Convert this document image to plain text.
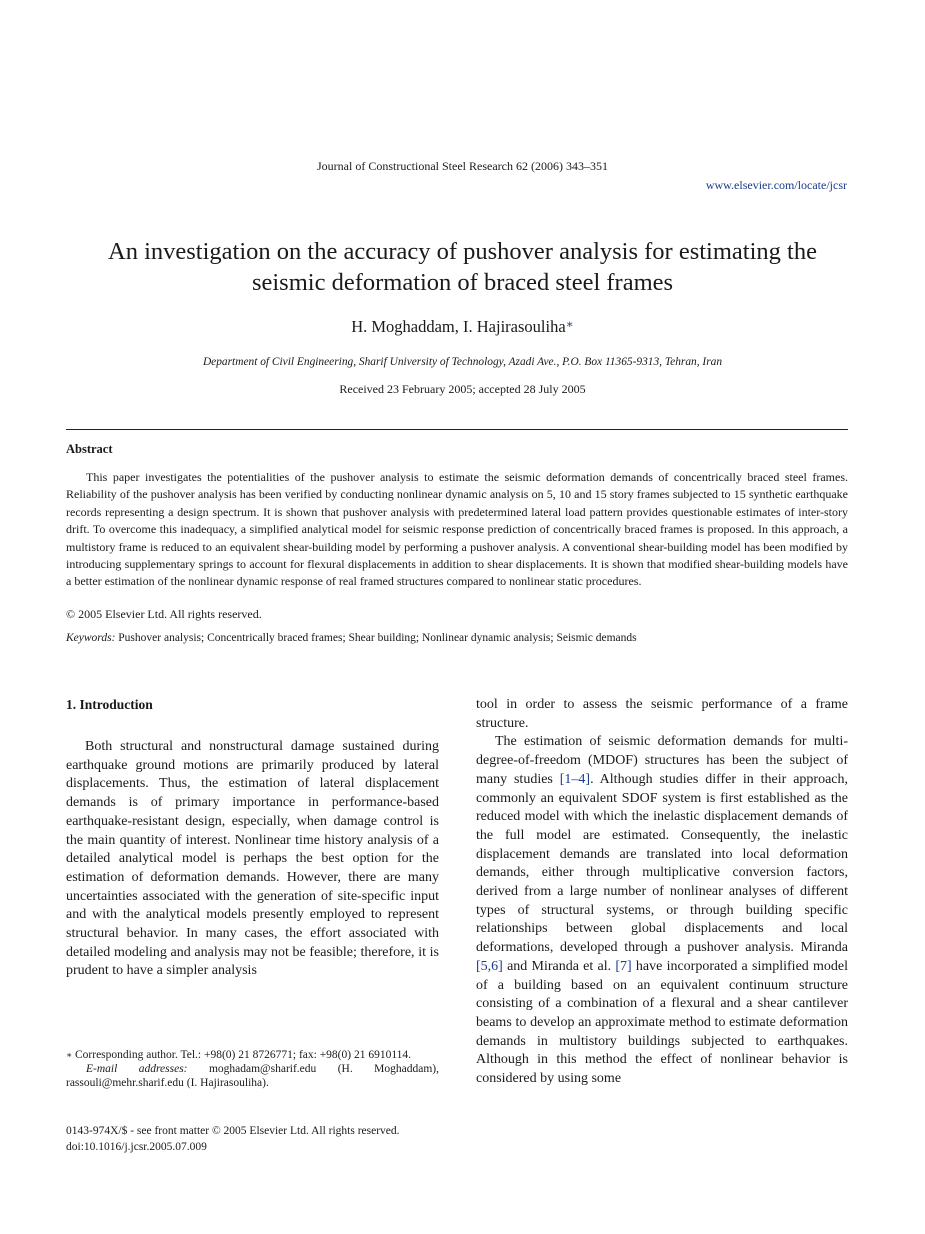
Journal of Constructional Steel Research 62 (2006) 343–351
www.elsevier.com/locate/jcsr
An investigation on the accuracy of pushover analysis for estimating the
seismic deformation of braced steel frames
H. Moghaddam, I. Hajirasouliha∗
Department of Civil Engineering, Sharif University of Technology, Azadi Ave., P.O. Box 11365-9313, Tehran, Iran
Received 23 February 2005; accepted 28 July 2005
Abstract

This paper investigates the potentialities of the pushover analysis to estimate the seismic deformation demands of concentrically braced steel frames. Reliability of the pushover analysis has been verified by conducting nonlinear dynamic analysis on 5, 10 and 15 story frames subjected to 15 synthetic earthquake records representing a design spectrum. It is shown that pushover analysis with predetermined lateral load pattern provides questionable estimates of inter-story drift. To overcome this inadequacy, a simplified analytical model for seismic response prediction of concentrically braced frames is proposed. In this approach, a multistory frame is reduced to an equivalent shear-building model by performing a pushover analysis. A conventional shear-building model has been modified by introducing supplementary springs to account for flexural displacements in addition to shear displacements. It is shown that modified shear-building models have a better estimation of the nonlinear dynamic response of real framed structures compared to nonlinear static procedures.

© 2005 Elsevier Ltd. All rights reserved.
Keywords: Pushover analysis; Concentrically braced frames; Shear building; Nonlinear dynamic analysis; Seismic demands
1. Introduction

Both structural and nonstructural damage sustained during earthquake ground motions are primarily produced by lateral displacements. Thus, the estimation of lateral displacement demands is of primary importance in performance-based earthquake-resistant design, especially, when damage control is the main quantity of interest. Nonlinear time history analysis of a detailed analytical model is perhaps the best option for the estimation of deformation demands. However, there are many uncertainties associated with the generation of site-specific input and with the analytical models presently employed to represent structural behavior. In many cases, the effort associated with detailed modeling and analysis may not be feasible; therefore, it is prudent to have a simpler analysis

tool in order to assess the seismic performance of a frame structure.

The estimation of seismic deformation demands for multi-degree-of-freedom (MDOF) structures has been the subject of many studies [1–4]. Although studies differ in their approach, commonly an equivalent SDOF system is first established as the reduced model with which the inelastic displacement demands of the full model are estimated. Consequently, the inelastic displacement demands are translated into local deformation demands, either through multiplicative conversion factors, derived from a large number of nonlinear analyses of different types of structural systems, or through building specific relationships between global displacements and local deformations, developed through a pushover analysis. Miranda [5,6] and Miranda et al. [7] have incorporated a simplified model of a building based on an equivalent continuum structure consisting of a combination of a flexural and a shear cantilever beams to develop an approximate method to estimate deformation demands in multistory buildings subjected to earthquakes. Although in this method the effect of nonlinear behavior is considered by using some

∗ Corresponding author. Tel.: +98(0) 21 8726771; fax: +98(0) 21 6910114.

E-mail addresses: moghadam@sharif.edu (H. Moghaddam), rassouli@mehr.sharif.edu (I. Hajirasouliha).

0143-974X/$ - see front matter © 2005 Elsevier Ltd. All rights reserved.
doi:10.1016/j.jcsr.2005.07.009
